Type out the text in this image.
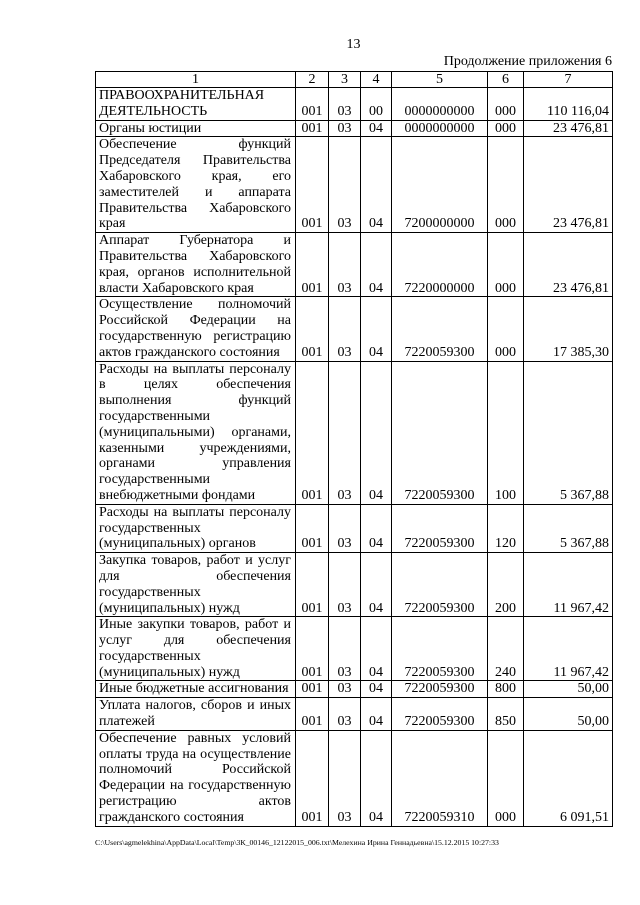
13
Продолжение приложения 6
1	2	3	4	5	6	7
ПРАВООХРАНИТЕЛЬНАЯ ДЕЯТЕЛЬНОСТЬ	001	03	00	0000000000	000	110 116,04
Органы юстиции	001	03	04	0000000000	000	23 476,81
Обеспечение функций Председателя Правительства Хабаровского края, его заместителей и аппарата Правительства Хабаровского края	001	03	04	7200000000	000	23 476,81
Аппарат Губернатора и Правительства Хабаровского края, органов исполнительной власти Хабаровского края	001	03	04	7220000000	000	23 476,81
Осуществление полномочий Российской Федерации на государственную регистрацию актов гражданского состояния	001	03	04	7220059300	000	17 385,30
Расходы на выплаты персоналу в целях обеспечения выполнения функций государственными (муниципальными) органами, казенными учреждениями, органами управления государственными внебюджетными фондами	001	03	04	7220059300	100	5 367,88
Расходы на выплаты персоналу государственных (муниципальных) органов	001	03	04	7220059300	120	5 367,88
Закупка товаров, работ и услуг для обеспечения государственных (муниципальных) нужд	001	03	04	7220059300	200	11 967,42
Иные закупки товаров, работ и услуг для обеспечения государственных (муниципальных) нужд	001	03	04	7220059300	240	11 967,42
Иные бюджетные ассигнования	001	03	04	7220059300	800	50,00
Уплата налогов, сборов и иных платежей	001	03	04	7220059300	850	50,00
Обеспечение равных условий оплаты труда на осуществление полномочий Российской Федерации на государственную регистрацию актов гражданского состояния	001	03	04	7220059310	000	6 091,51
C:\Users\agmelekhina\AppData\Local\Temp\3К_00146_12122015_006.txt\Мелехина Ирина Геннадьевна\15.12.2015 10:27:33
